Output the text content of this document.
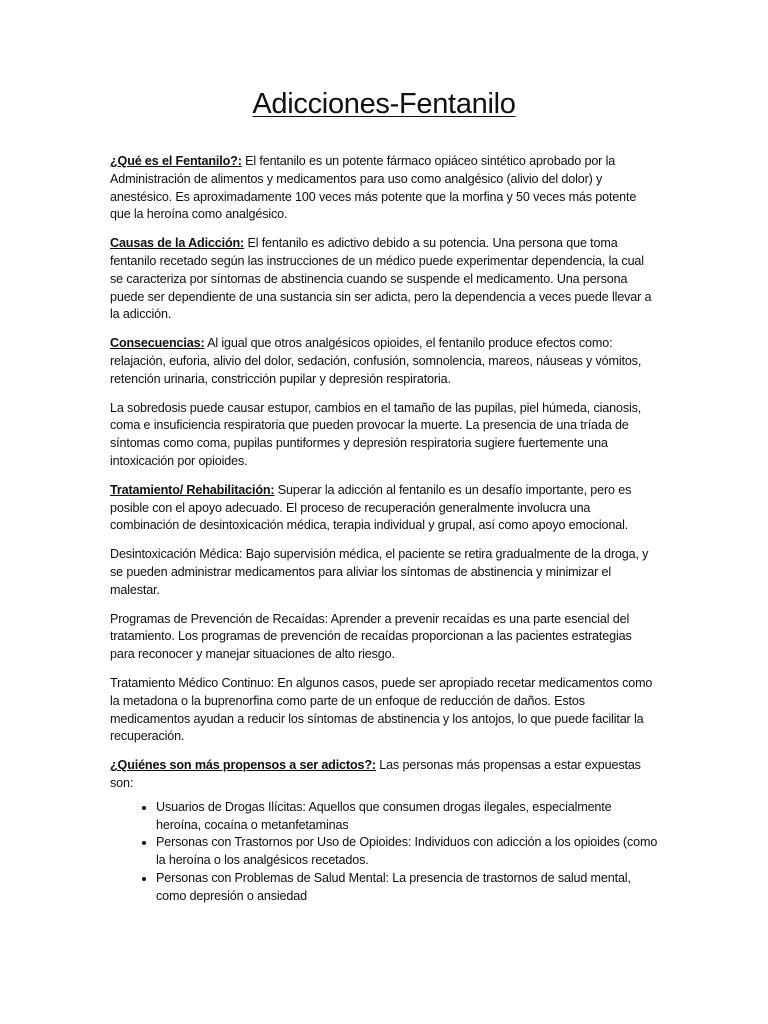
Adicciones-Fentanilo

¿Qué es el Fentanilo?: El fentanilo es un potente fármaco opiáceo sintético aprobado por la Administración de alimentos y medicamentos para uso como analgésico (alivio del dolor) y anestésico. Es aproximadamente 100 veces más potente que la morfina y 50 veces más potente que la heroína como analgésico.

Causas de la Adicción: El fentanilo es adictivo debido a su potencia. Una persona que toma fentanilo recetado según las instrucciones de un médico puede experimentar dependencia, la cual se caracteriza por síntomas de abstinencia cuando se suspende el medicamento. Una persona puede ser dependiente de una sustancia sin ser adicta, pero la dependencia a veces puede llevar a la adicción.

Consecuencias: Al igual que otros analgésicos opioides, el fentanilo produce efectos como: relajación, euforia, alivio del dolor, sedación, confusión, somnolencia, mareos, náuseas y vómitos, retención urinaria, constricción pupilar y depresión respiratoria.

La sobredosis puede causar estupor, cambios en el tamaño de las pupilas, piel húmeda, cianosis, coma e insuficiencia respiratoria que pueden provocar la muerte. La presencia de una tríada de síntomas como coma, pupilas puntiformes y depresión respiratoria sugiere fuertemente una intoxicación por opioides.

Tratamiento/ Rehabilitación: Superar la adicción al fentanilo es un desafío importante, pero es posible con el apoyo adecuado. El proceso de recuperación generalmente involucra una combinación de desintoxicación médica, terapia individual y grupal, así como apoyo emocional.

Desintoxicación Médica: Bajo supervisión médica, el paciente se retira gradualmente de la droga, y se pueden administrar medicamentos para aliviar los síntomas de abstinencia y minimizar el malestar.

Programas de Prevención de Recaídas: Aprender a prevenir recaídas es una parte esencial del tratamiento. Los programas de prevención de recaídas proporcionan a las pacientes estrategias para reconocer y manejar situaciones de alto riesgo.

Tratamiento Médico Continuo: En algunos casos, puede ser apropiado recetar medicamentos como la metadona o la buprenorfina como parte de un enfoque de reducción de daños. Estos medicamentos ayudan a reducir los síntomas de abstinencia y los antojos, lo que puede facilitar la recuperación.

¿Quiénes son más propensos a ser adictos?: Las personas más propensas a estar expuestas son:

• Usuarios de Drogas Ilícitas: Aquellos que consumen drogas ilegales, especialmente heroína, cocaína o metanfetaminas
• Personas con Trastornos por Uso de Opioides: Individuos con adicción a los opioides (como la heroína o los analgésicos recetados.
• Personas con Problemas de Salud Mental: La presencia de trastornos de salud mental, como depresión o ansiedad
